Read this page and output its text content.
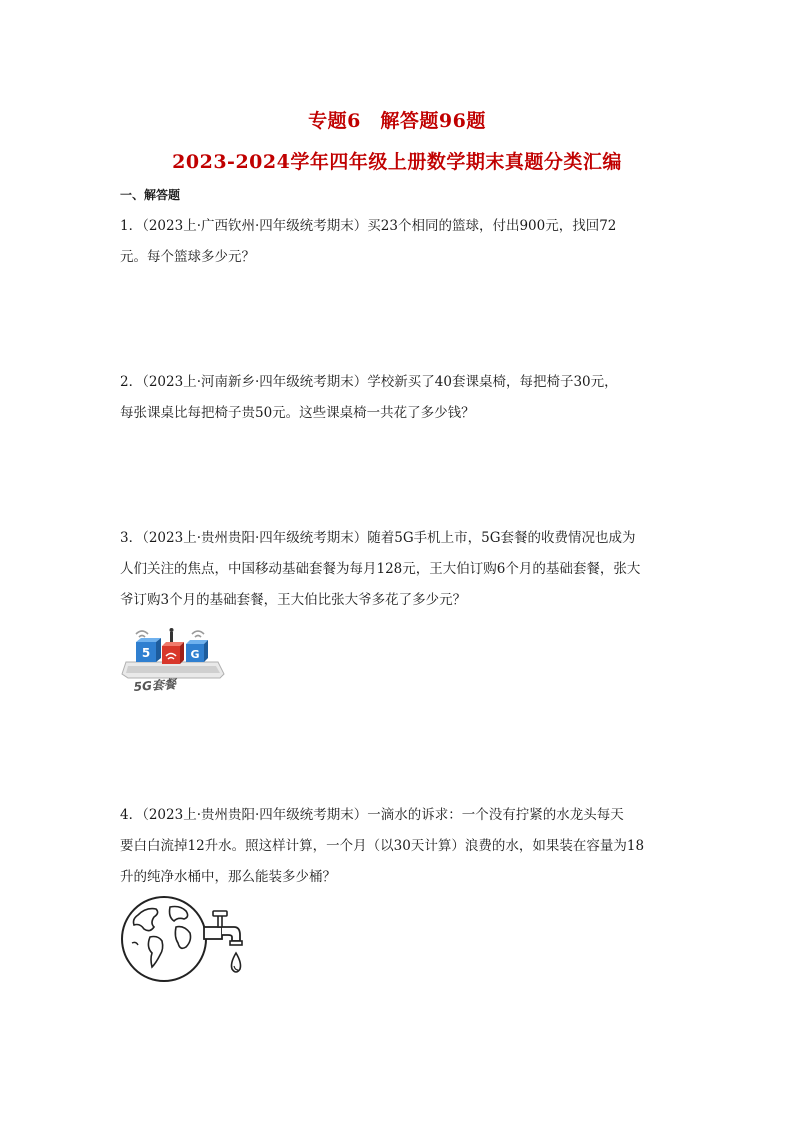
专题6　解答题96题
2023-2024学年四年级上册数学期末真题分类汇编
一、解答题

1．（2023上·广西钦州·四年级统考期末）买23个相同的篮球，付出900元，找回72

元。每个篮球多少元？

2．（2023上·河南新乡·四年级统考期末）学校新买了40套课桌椅，每把椅子30元，

每张课桌比每把椅子贵50元。这些课桌椅一共花了多少钱？

3．（2023上·贵州贵阳·四年级统考期末）随着5G手机上市，5G套餐的收费情况也成为

人们关注的焦点，中国移动基础套餐为每月128元，王大伯订购6个月的基础套餐，张大

爷订购3个月的基础套餐，王大伯比张大爷多花了多少元？

5	G
5G套餐

4．（2023上·贵州贵阳·四年级统考期末）一滴水的诉求：一个没有拧紧的水龙头每天

要白白流掉12升水。照这样计算，一个月（以30天计算）浪费的水，如果装在容量为18

升的纯净水桶中，那么能装多少桶？
